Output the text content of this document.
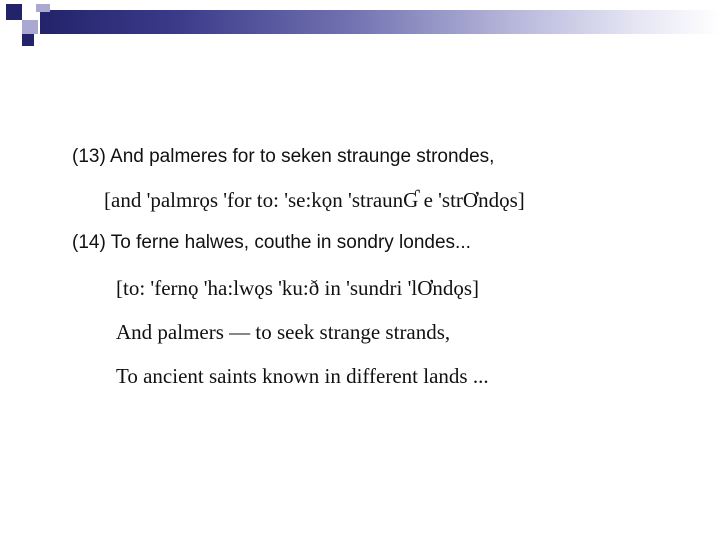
(13) And palmeres for to seken straunge strondes,
[and 'palmrǫs 'for to: 'se:kǫn 'straunƓ e 'strƠndǫs]
(14) To ferne halwes, couthe in sondry londes...
[to: 'fernǫ 'ha:lwǫs 'ku:ð in 'sundri 'lƠndǫs]
And palmers — to seek strange strands,
To ancient saints known in different lands ...
